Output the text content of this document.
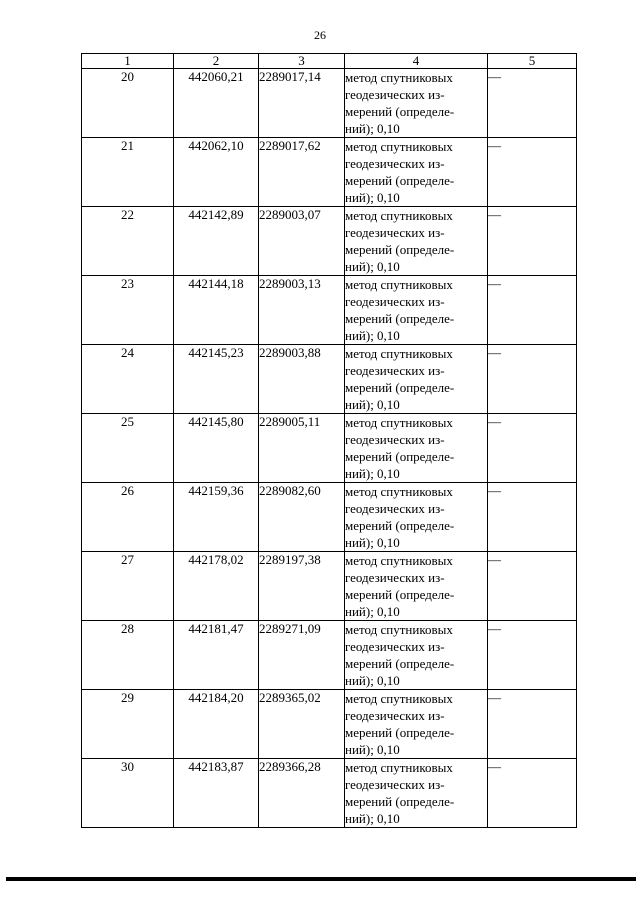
26
1	2	3	4	5
20	442060,21	2289017,14	метод спутниковых
геодезических из-
мерений (определе-
ний); 0,10	—
21	442062,10	2289017,62	метод спутниковых
геодезических из-
мерений (определе-
ний); 0,10	—
22	442142,89	2289003,07	метод спутниковых
геодезических из-
мерений (определе-
ний); 0,10	—
23	442144,18	2289003,13	метод спутниковых
геодезических из-
мерений (определе-
ний); 0,10	—
24	442145,23	2289003,88	метод спутниковых
геодезических из-
мерений (определе-
ний); 0,10	—
25	442145,80	2289005,11	метод спутниковых
геодезических из-
мерений (определе-
ний); 0,10	—
26	442159,36	2289082,60	метод спутниковых
геодезических из-
мерений (определе-
ний); 0,10	—
27	442178,02	2289197,38	метод спутниковых
геодезических из-
мерений (определе-
ний); 0,10	—
28	442181,47	2289271,09	метод спутниковых
геодезических из-
мерений (определе-
ний); 0,10	—
29	442184,20	2289365,02	метод спутниковых
геодезических из-
мерений (определе-
ний); 0,10	—
30	442183,87	2289366,28	метод спутниковых
геодезических из-
мерений (определе-
ний); 0,10	—
